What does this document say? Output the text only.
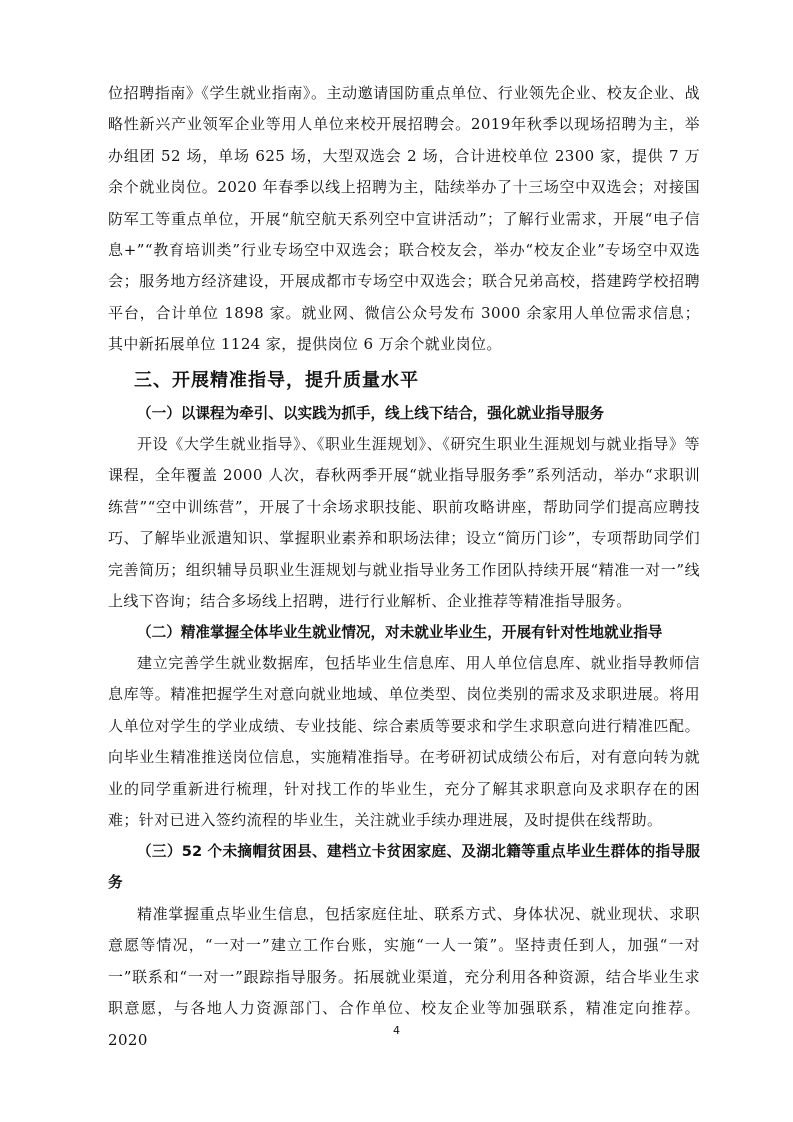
位招聘指南》《学生就业指南》。主动邀请国防重点单位、行业领先企业、校友企业、战略性新兴产业领军企业等用人单位来校开展招聘会。2019年秋季以现场招聘为主，举办组团 52 场，单场 625 场，大型双选会 2 场，合计进校单位 2300 家，提供 7 万余个就业岗位。2020 年春季以线上招聘为主，陆续举办了十三场空中双选会；对接国防军工等重点单位，开展“航空航天系列空中宣讲活动”；了解行业需求，开展“电子信息+”“教育培训类”行业专场空中双选会；联合校友会，举办“校友企业”专场空中双选会；服务地方经济建设，开展成都市专场空中双选会；联合兄弟高校，搭建跨学校招聘平台，合计单位 1898 家。就业网、微信公众号发布 3000 余家用人单位需求信息；其中新拓展单位 1124 家，提供岗位 6 万余个就业岗位。
三、开展精准指导，提升质量水平
（一）以课程为牵引、以实践为抓手，线上线下结合，强化就业指导服务
开设《大学生就业指导》、《职业生涯规划》、《研究生职业生涯规划与就业指导》等课程，全年覆盖 2000 人次，春秋两季开展“就业指导服务季”系列活动，举办“求职训练营”“空中训练营”，开展了十余场求职技能、职前攻略讲座，帮助同学们提高应聘技巧、了解毕业派遣知识、掌握职业素养和职场法律；设立“简历门诊”，专项帮助同学们完善简历；组织辅导员职业生涯规划与就业指导业务工作团队持续开展“精准一对一”线上线下咨询；结合多场线上招聘，进行行业解析、企业推荐等精准指导服务。
（二）精准掌握全体毕业生就业情况，对未就业毕业生，开展有针对性地就业指导
建立完善学生就业数据库，包括毕业生信息库、用人单位信息库、就业指导教师信息库等。精准把握学生对意向就业地域、单位类型、岗位类别的需求及求职进展。将用人单位对学生的学业成绩、专业技能、综合素质等要求和学生求职意向进行精准匹配。向毕业生精准推送岗位信息，实施精准指导。在考研初试成绩公布后，对有意向转为就业的同学重新进行梳理，针对找工作的毕业生，充分了解其求职意向及求职存在的困难；针对已进入签约流程的毕业生，关注就业手续办理进展，及时提供在线帮助。
（三）52 个未摘帽贫困县、建档立卡贫困家庭、及湖北籍等重点毕业生群体的指导服务
精准掌握重点毕业生信息，包括家庭住址、联系方式、身体状况、就业现状、求职意愿等情况，“一对一”建立工作台账，实施“一人一策”。坚持责任到人，加强“一对一”联系和“一对一”跟踪指导服务。拓展就业渠道，充分利用各种资源，结合毕业生求职意愿，与各地人力资源部门、合作单位、校友企业等加强联系，精准定向推荐。2020
4
